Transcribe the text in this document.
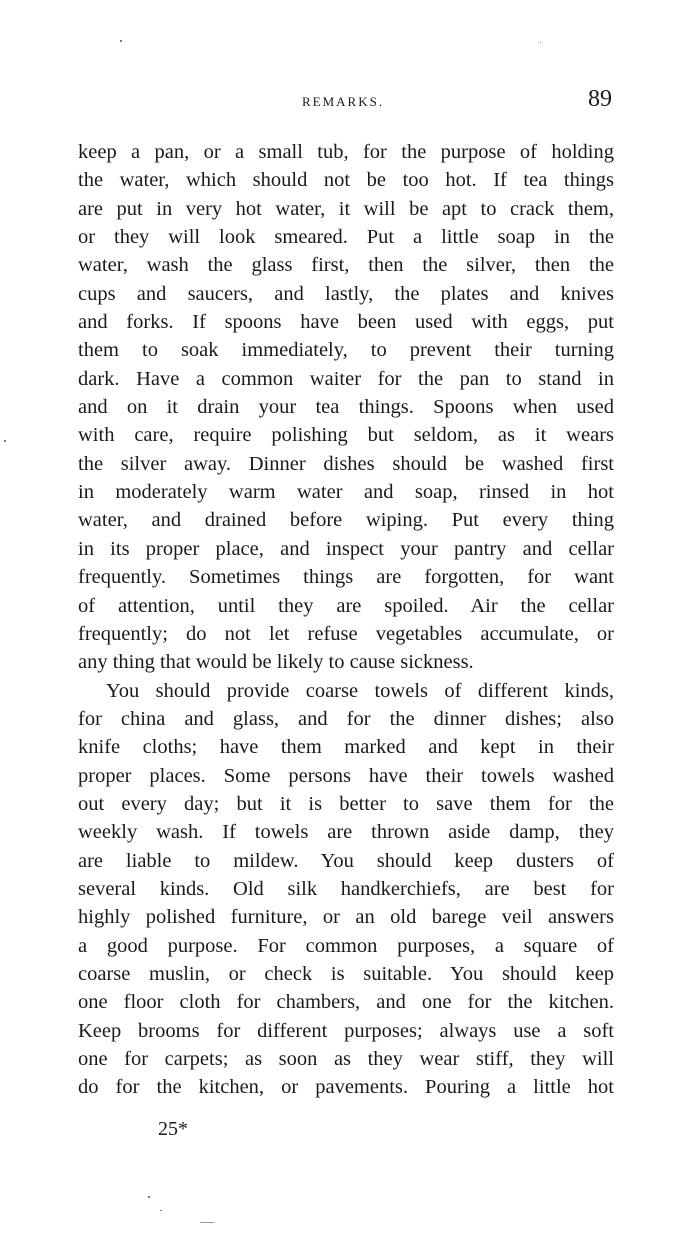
REMARKS.	89
keep a pan, or a small tub, for the purpose of holding
the water, which should not be too hot. If tea things
are put in very hot water, it will be apt to crack them,
or they will look smeared. Put a little soap in the
water, wash the glass first, then the silver, then the
cups and saucers, and lastly, the plates and knives
and forks. If spoons have been used with eggs, put
them to soak immediately, to prevent their turning
dark. Have a common waiter for the pan to stand in
and on it drain your tea things. Spoons when used
with care, require polishing but seldom, as it wears
the silver away. Dinner dishes should be washed first
in moderately warm water and soap, rinsed in hot
water, and drained before wiping. Put every thing
in its proper place, and inspect your pantry and cellar
frequently. Sometimes things are forgotten, for want
of attention, until they are spoiled. Air the cellar
frequently; do not let refuse vegetables accumulate, or
any thing that would be likely to cause sickness.
You should provide coarse towels of different kinds,
for china and glass, and for the dinner dishes; also
knife cloths; have them marked and kept in their
proper places. Some persons have their towels washed
out every day; but it is better to save them for the
weekly wash. If towels are thrown aside damp, they
are liable to mildew. You should keep dusters of
several kinds. Old silk handkerchiefs, are best for
highly polished furniture, or an old barege veil answers
a good purpose. For common purposes, a square of
coarse muslin, or check is suitable. You should keep
one floor cloth for chambers, and one for the kitchen.
Keep brooms for different purposes; always use a soft
one for carpets; as soon as they wear stiff, they will
do for the kitchen, or pavements. Pouring a little hot
25*
